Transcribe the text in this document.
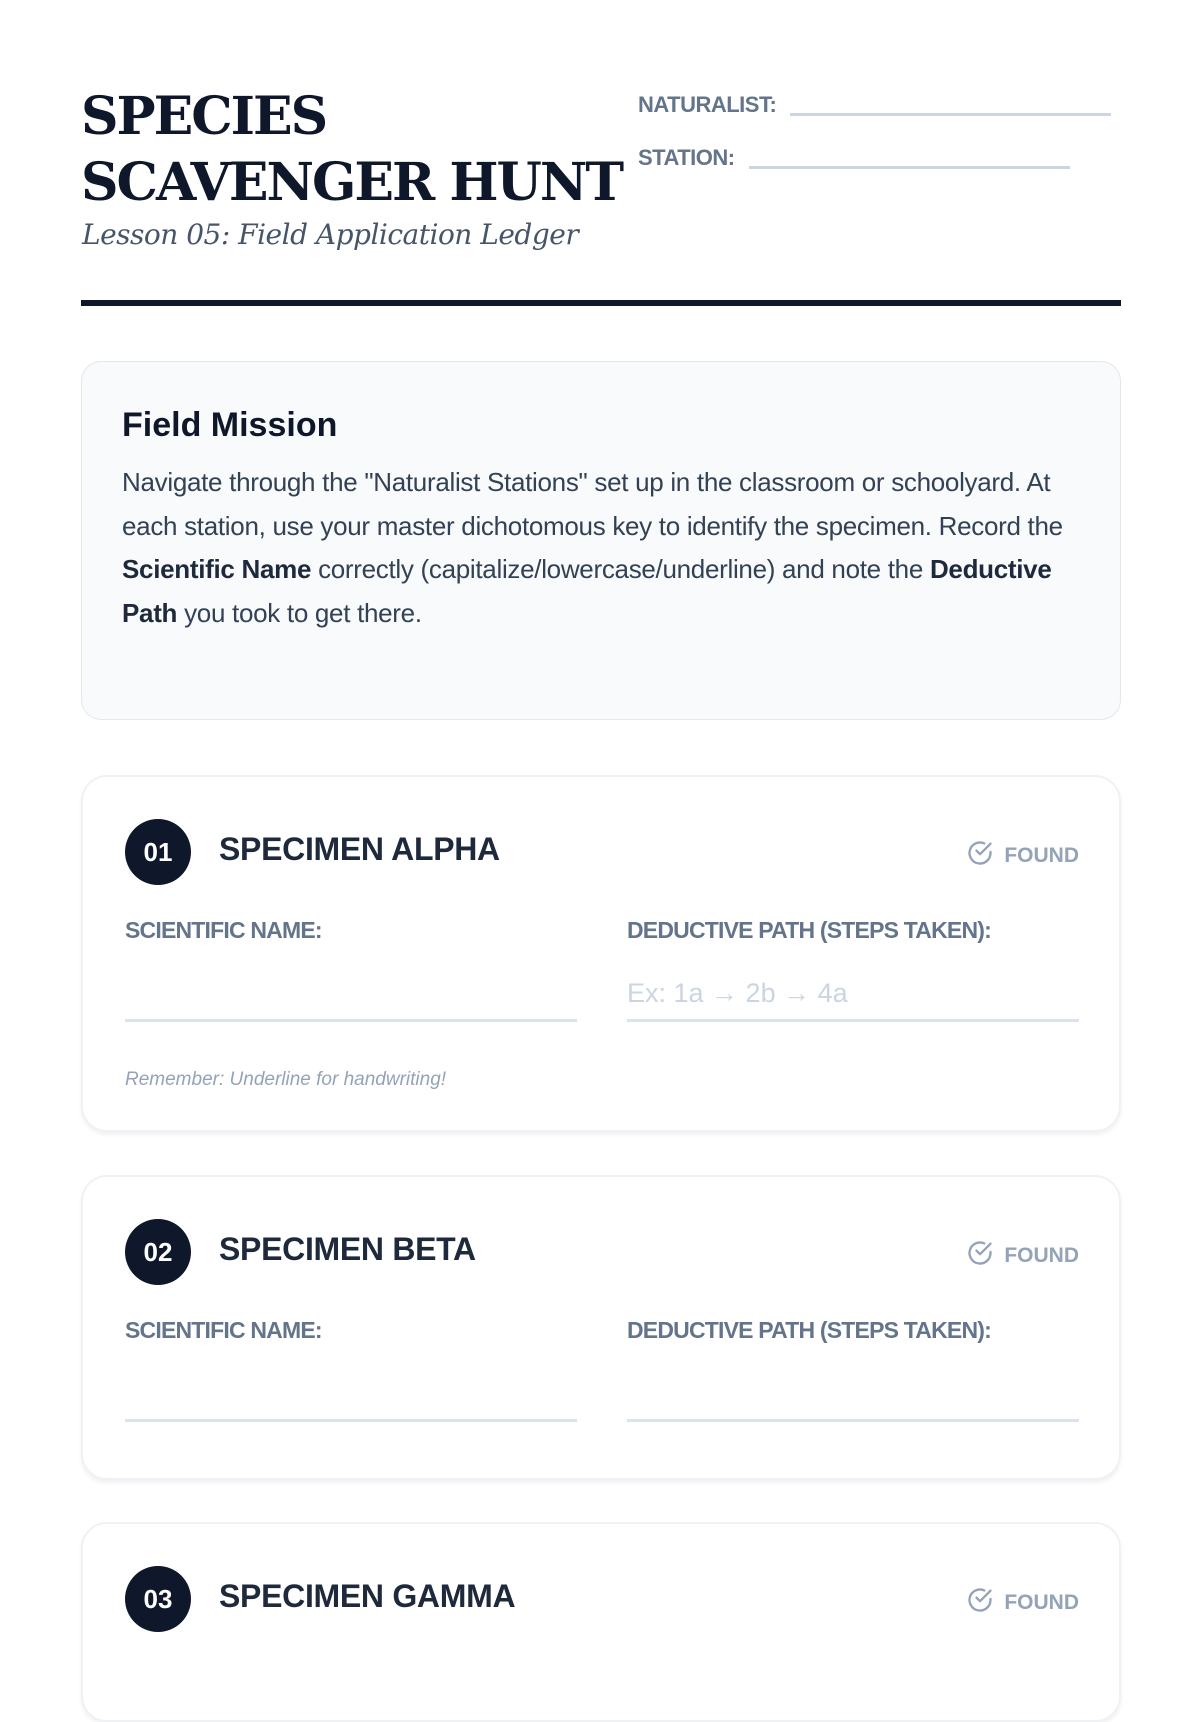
SPECIES
SCAVENGER HUNT
Lesson 05: Field Application Ledger
NATURALIST:
STATION:
Field Mission
Navigate through the "Naturalist Stations" set up in the classroom or schoolyard. At each station, use your master dichotomous key to identify the specimen. Record the Scientific Name correctly (capitalize/lowercase/underline) and note the Deductive Path you took to get there.
01	SPECIMEN ALPHA	FOUND
SCIENTIFIC NAME:	DEDUCTIVE PATH (STEPS TAKEN):
Ex: 1a → 2b → 4a
Remember: Underline for handwriting!
02	SPECIMEN BETA	FOUND
SCIENTIFIC NAME:	DEDUCTIVE PATH (STEPS TAKEN):
03	SPECIMEN GAMMA	FOUND
